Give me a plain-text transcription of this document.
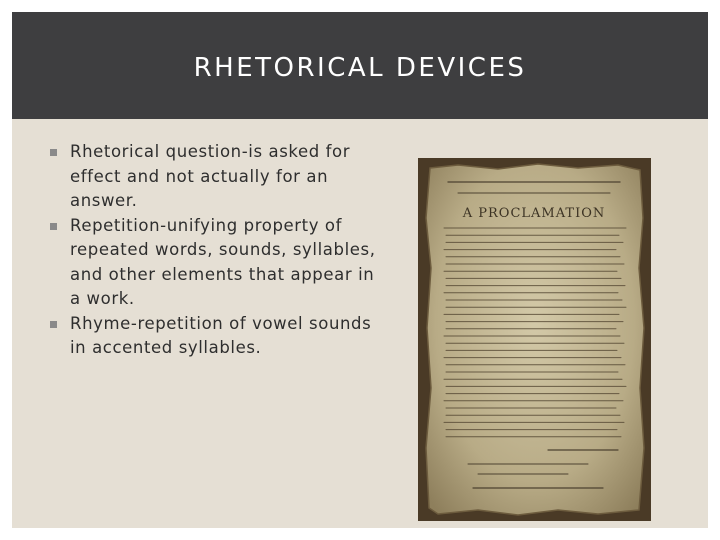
RHETORICAL DEVICES
Rhetorical question-is asked for effect and not actually for an answer.
Repetition-unifying property of repeated words, sounds, syllables, and other elements that appear in a work.
Rhyme-repetition of vowel sounds in accented syllables.
A PROCLAMATION
